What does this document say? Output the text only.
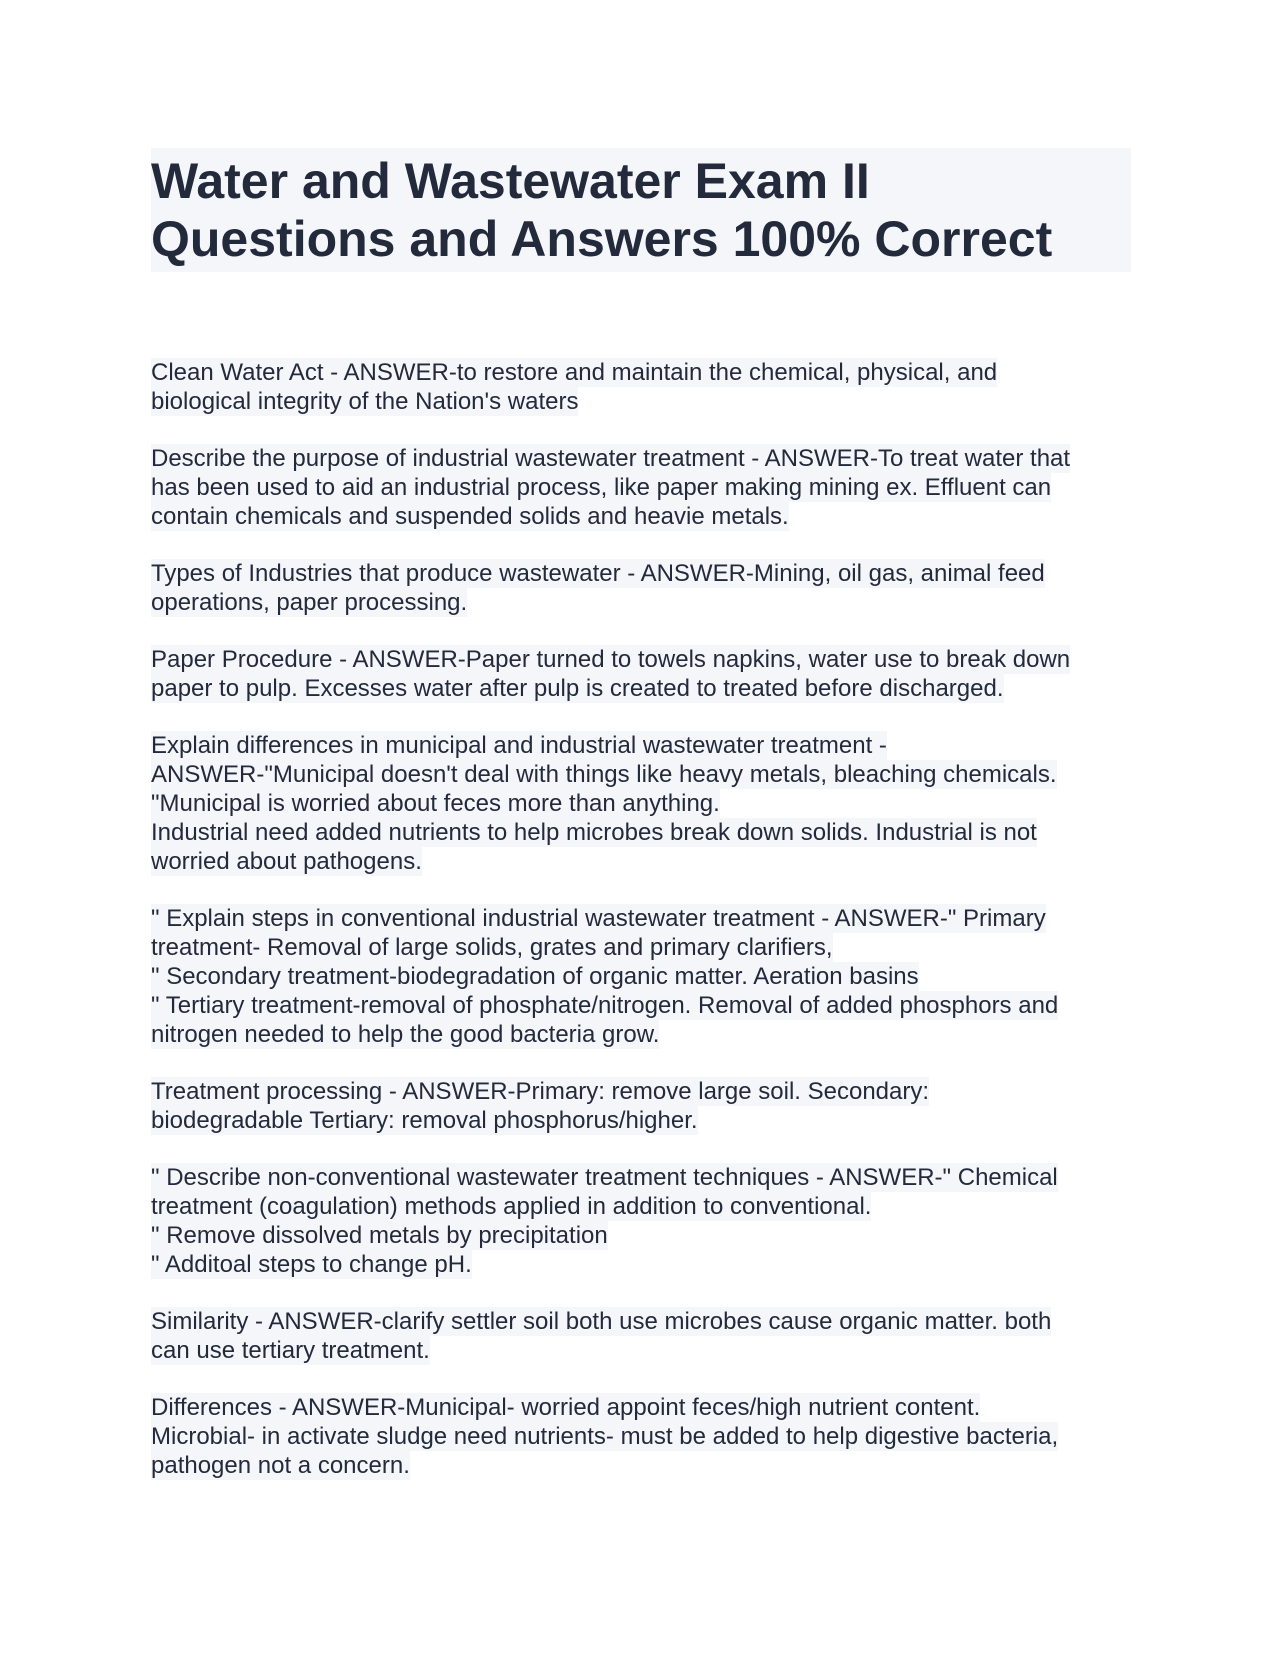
Water and Wastewater Exam II
Questions and Answers 100% Correct
Clean Water Act - ANSWER-to restore and maintain the chemical, physical, and
biological integrity of the Nation's waters
Describe the purpose of industrial wastewater treatment - ANSWER-To treat water that
has been used to aid an industrial process, like paper making mining ex. Effluent can
contain chemicals and suspended solids and heavie metals.
Types of Industries that produce wastewater - ANSWER-Mining, oil gas, animal feed
operations, paper processing.
Paper Procedure - ANSWER-Paper turned to towels napkins, water use to break down
paper to pulp. Excesses water after pulp is created to treated before discharged.
Explain differences in municipal and industrial wastewater treatment -
ANSWER-"Municipal doesn't deal with things like heavy metals, bleaching chemicals.
"Municipal is worried about feces more than anything.
Industrial need added nutrients to help microbes break down solids. Industrial is not
worried about pathogens.
" Explain steps in conventional industrial wastewater treatment - ANSWER-" Primary
treatment- Removal of large solids, grates and primary clarifiers,
" Secondary treatment-biodegradation of organic matter. Aeration basins
" Tertiary treatment-removal of phosphate/nitrogen. Removal of added phosphors and
nitrogen needed to help the good bacteria grow.
Treatment processing - ANSWER-Primary: remove large soil. Secondary:
biodegradable Tertiary: removal phosphorus/higher.
" Describe non-conventional wastewater treatment techniques - ANSWER-" Chemical
treatment (coagulation) methods applied in addition to conventional.
" Remove dissolved metals by precipitation
" Additoal steps to change pH.
Similarity - ANSWER-clarify settler soil both use microbes cause organic matter. both
can use tertiary treatment.
Differences - ANSWER-Municipal- worried appoint feces/high nutrient content.
Microbial- in activate sludge need nutrients- must be added to help digestive bacteria,
pathogen not a concern.
